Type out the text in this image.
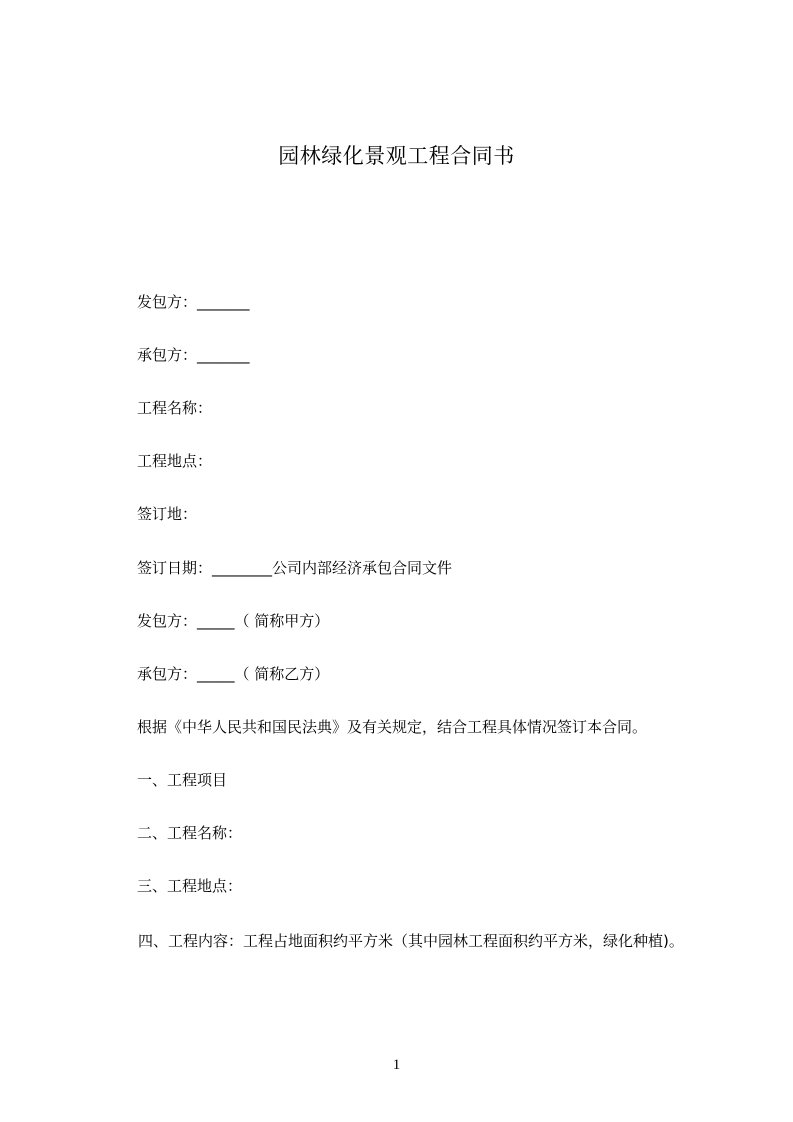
园林绿化景观工程合同书
发包方：_______
承包方：_______
工程名称：
工程地点：
签订地：
签订日期：________公司内部经济承包合同文件
发包方：_____（ 简称甲方）
承包方：_____（ 简称乙方）
根据《中华人民共和国民法典》及有关规定，结合工程具体情况签订本合同。
一、工程项目
二、工程名称：
三、工程地点：
四、工程内容：工程占地面积约平方米（其中园林工程面积约平方米，绿化种植)。
1
